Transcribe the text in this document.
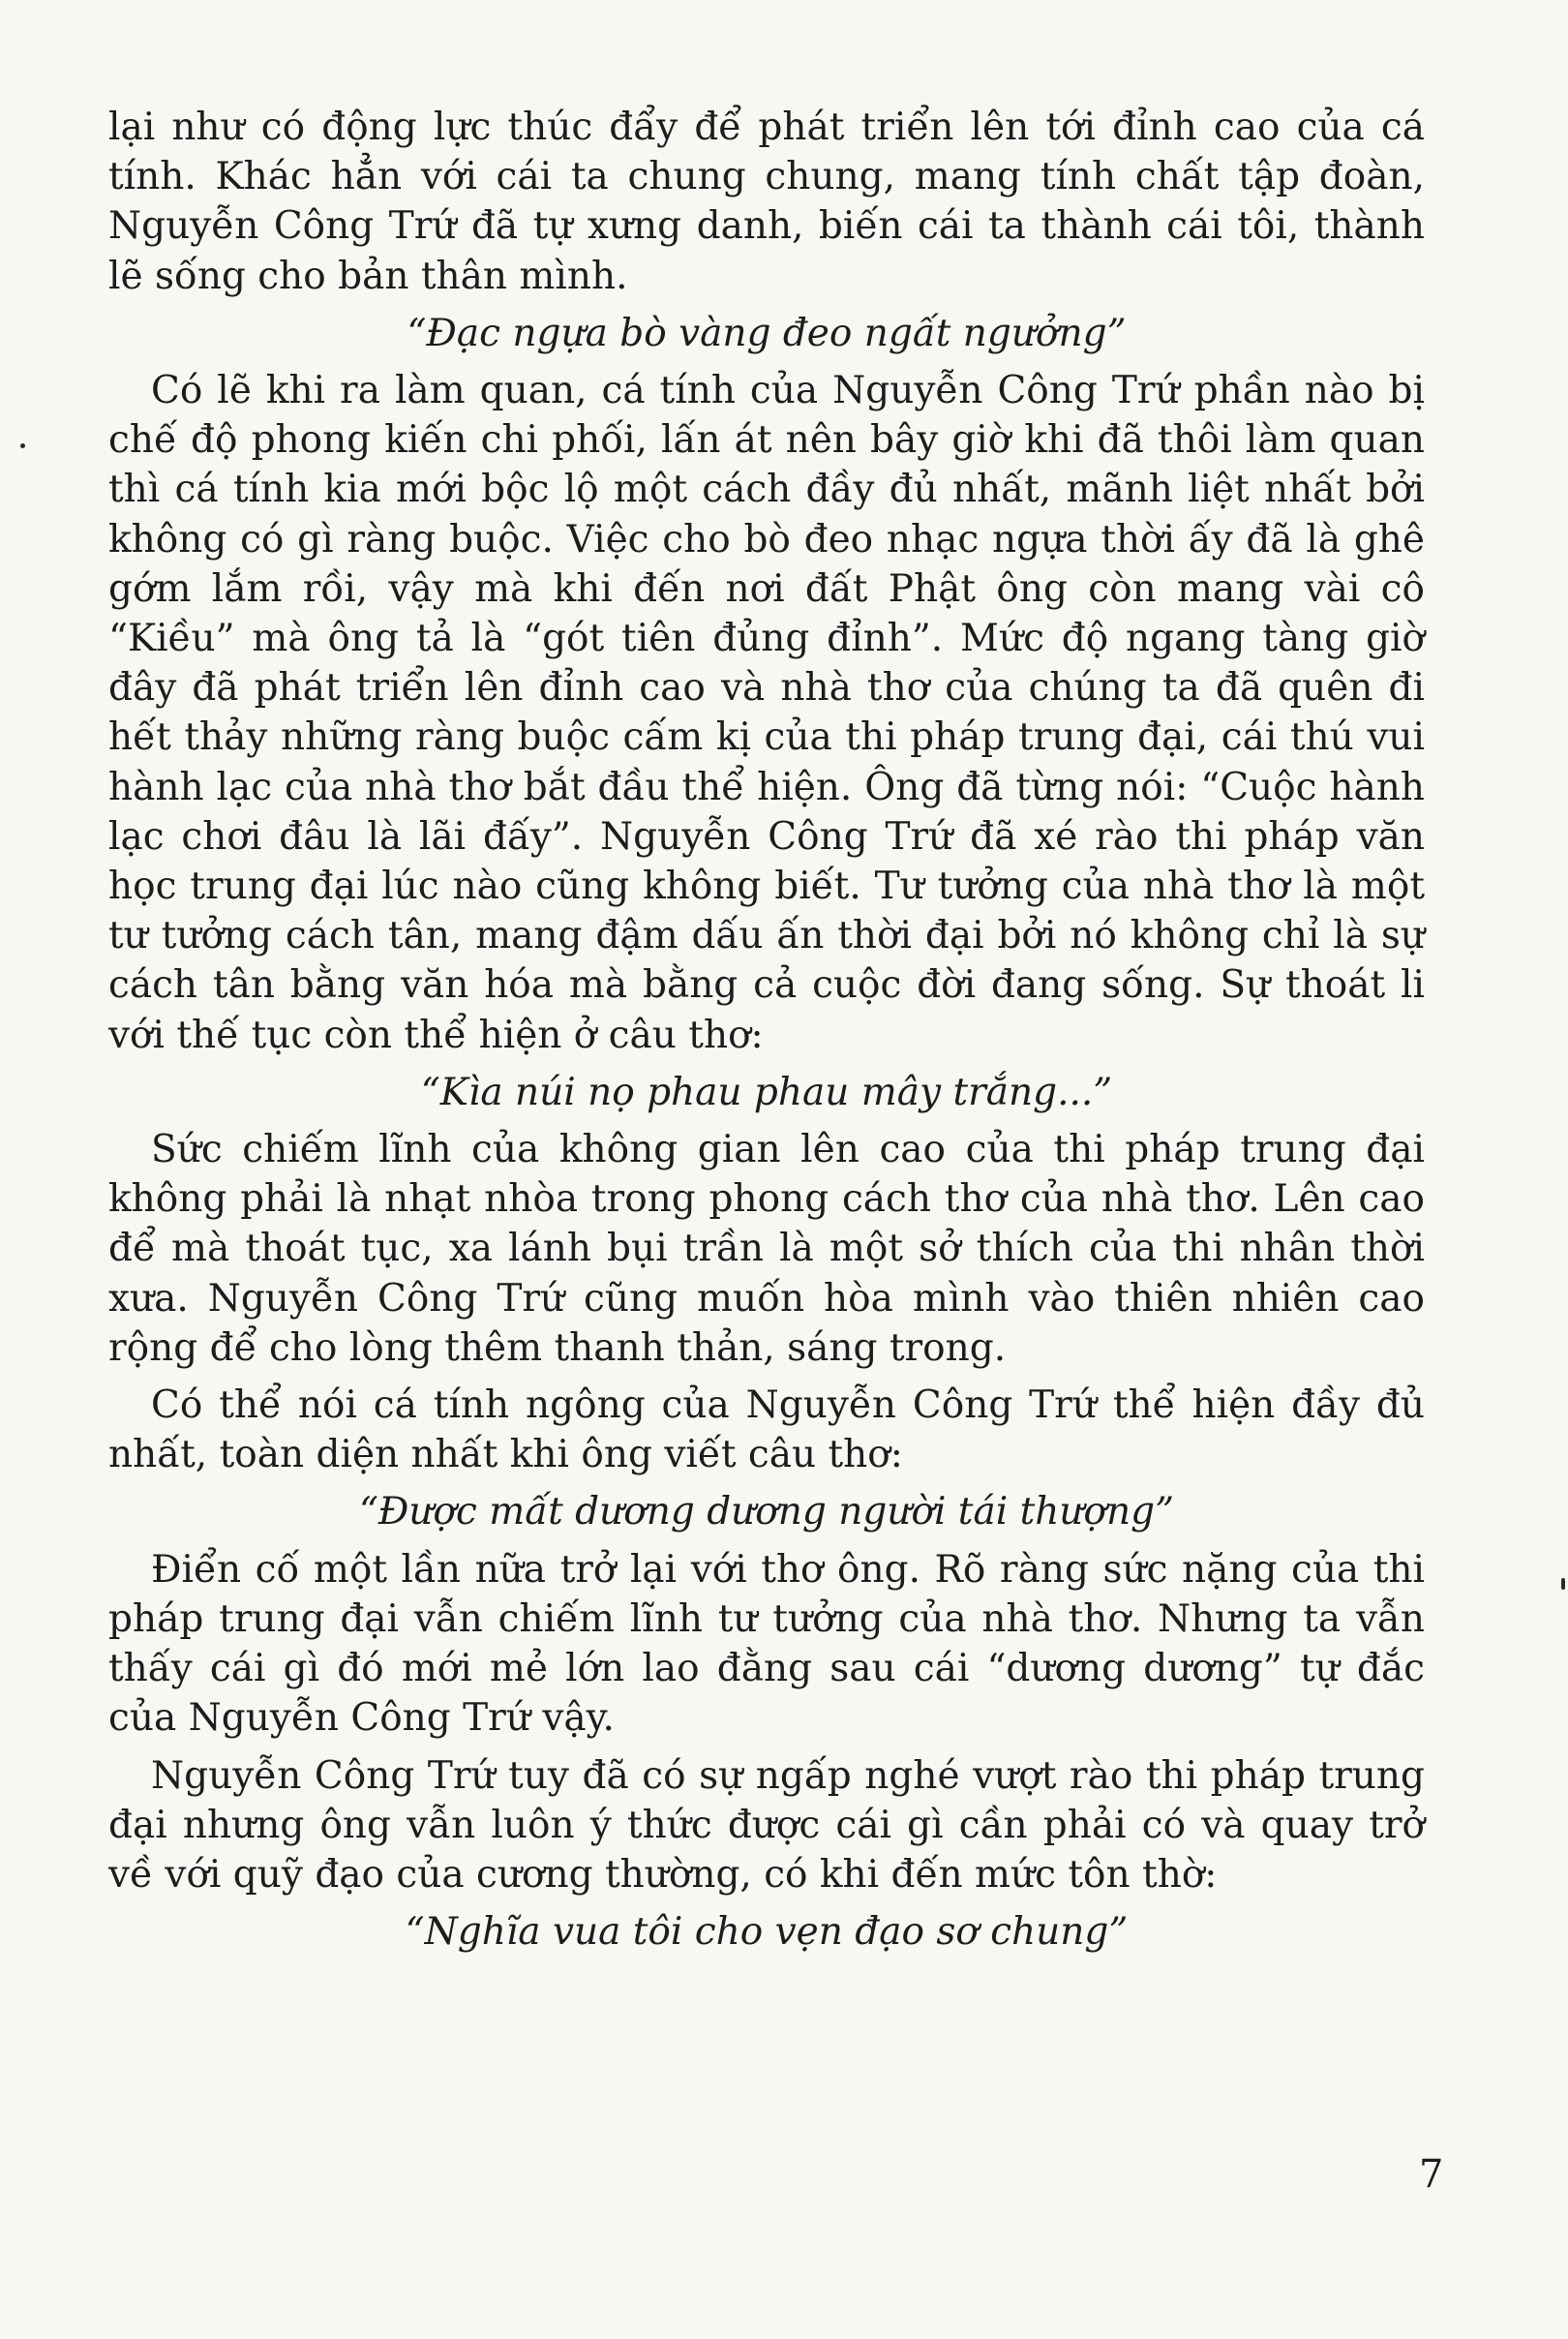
lại như có động lực thúc đẩy để phát triển lên tới đỉnh cao của cá tính. Khác hẳn với cái ta chung chung, mang tính chất tập đoàn, Nguyễn Công Trứ đã tự xưng danh, biến cái ta thành cái tôi, thành lẽ sống cho bản thân mình.

“Đạc ngựa bò vàng đeo ngất ngưởng”

Có lẽ khi ra làm quan, cá tính của Nguyễn Công Trứ phần nào bị chế độ phong kiến chi phối, lấn át nên bây giờ khi đã thôi làm quan thì cá tính kia mới bộc lộ một cách đầy đủ nhất, mãnh liệt nhất bởi không có gì ràng buộc. Việc cho bò đeo nhạc ngựa thời ấy đã là ghê gớm lắm rồi, vậy mà khi đến nơi đất Phật ông còn mang vài cô “Kiều” mà ông tả là “gót tiên đủng đỉnh”. Mức độ ngang tàng giờ đây đã phát triển lên đỉnh cao và nhà thơ của chúng ta đã quên đi hết thảy những ràng buộc cấm kị của thi pháp trung đại, cái thú vui hành lạc của nhà thơ bắt đầu thể hiện. Ông đã từng nói: “Cuộc hành lạc chơi đâu là lãi đấy”. Nguyễn Công Trứ đã xé rào thi pháp văn học trung đại lúc nào cũng không biết. Tư tưởng của nhà thơ là một tư tưởng cách tân, mang đậm dấu ấn thời đại bởi nó không chỉ là sự cách tân bằng văn hóa mà bằng cả cuộc đời đang sống. Sự thoát li với thế tục còn thể hiện ở câu thơ:

“Kìa núi nọ phau phau mây trắng...”

Sức chiếm lĩnh của không gian lên cao của thi pháp trung đại không phải là nhạt nhòa trong phong cách thơ của nhà thơ. Lên cao để mà thoát tục, xa lánh bụi trần là một sở thích của thi nhân thời xưa. Nguyễn Công Trứ cũng muốn hòa mình vào thiên nhiên cao rộng để cho lòng thêm thanh thản, sáng trong.

Có thể nói cá tính ngông của Nguyễn Công Trứ thể hiện đầy đủ nhất, toàn diện nhất khi ông viết câu thơ:

“Được mất dương dương người tái thượng”

Điển cố một lần nữa trở lại với thơ ông. Rõ ràng sức nặng của thi pháp trung đại vẫn chiếm lĩnh tư tưởng của nhà thơ. Nhưng ta vẫn thấy cái gì đó mới mẻ lớn lao đằng sau cái “dương dương” tự đắc của Nguyễn Công Trứ vậy.

Nguyễn Công Trứ tuy đã có sự ngấp nghé vượt rào thi pháp trung đại nhưng ông vẫn luôn ý thức được cái gì cần phải có và quay trở về với quỹ đạo của cương thường, có khi đến mức tôn thờ:

“Nghĩa vua tôi cho vẹn đạo sơ chung”

7
